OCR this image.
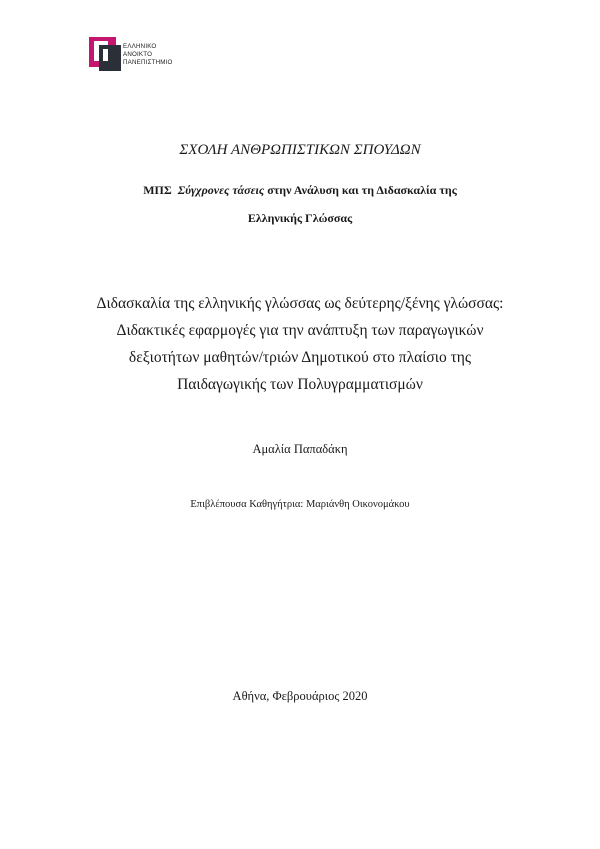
ΕΛΛΗΝΙΚΟ
ΑΝΟΙΚΤΟ
ΠΑΝΕΠΙΣΤΗΜΙΟ
ΣΧΟΛΗ ΑΝΘΡΩΠΙΣΤΙΚΩΝ ΣΠΟΥΔΩΝ
ΜΠΣ Σύγχρονες τάσεις στην Ανάλυση και τη Διδασκαλία της
Ελληνικής Γλώσσας
Διδασκαλία της ελληνικής γλώσσας ως δεύτερης/ξένης γλώσσας:
Διδακτικές εφαρμογές για την ανάπτυξη των παραγωγικών
δεξιοτήτων μαθητών/τριών Δημοτικού στο πλαίσιο της
Παιδαγωγικής των Πολυγραμματισμών
Αμαλία Παπαδάκη
Επιβλέπουσα Καθηγήτρια: Μαριάνθη Οικονομάκου
Αθήνα, Φεβρουάριος 2020
